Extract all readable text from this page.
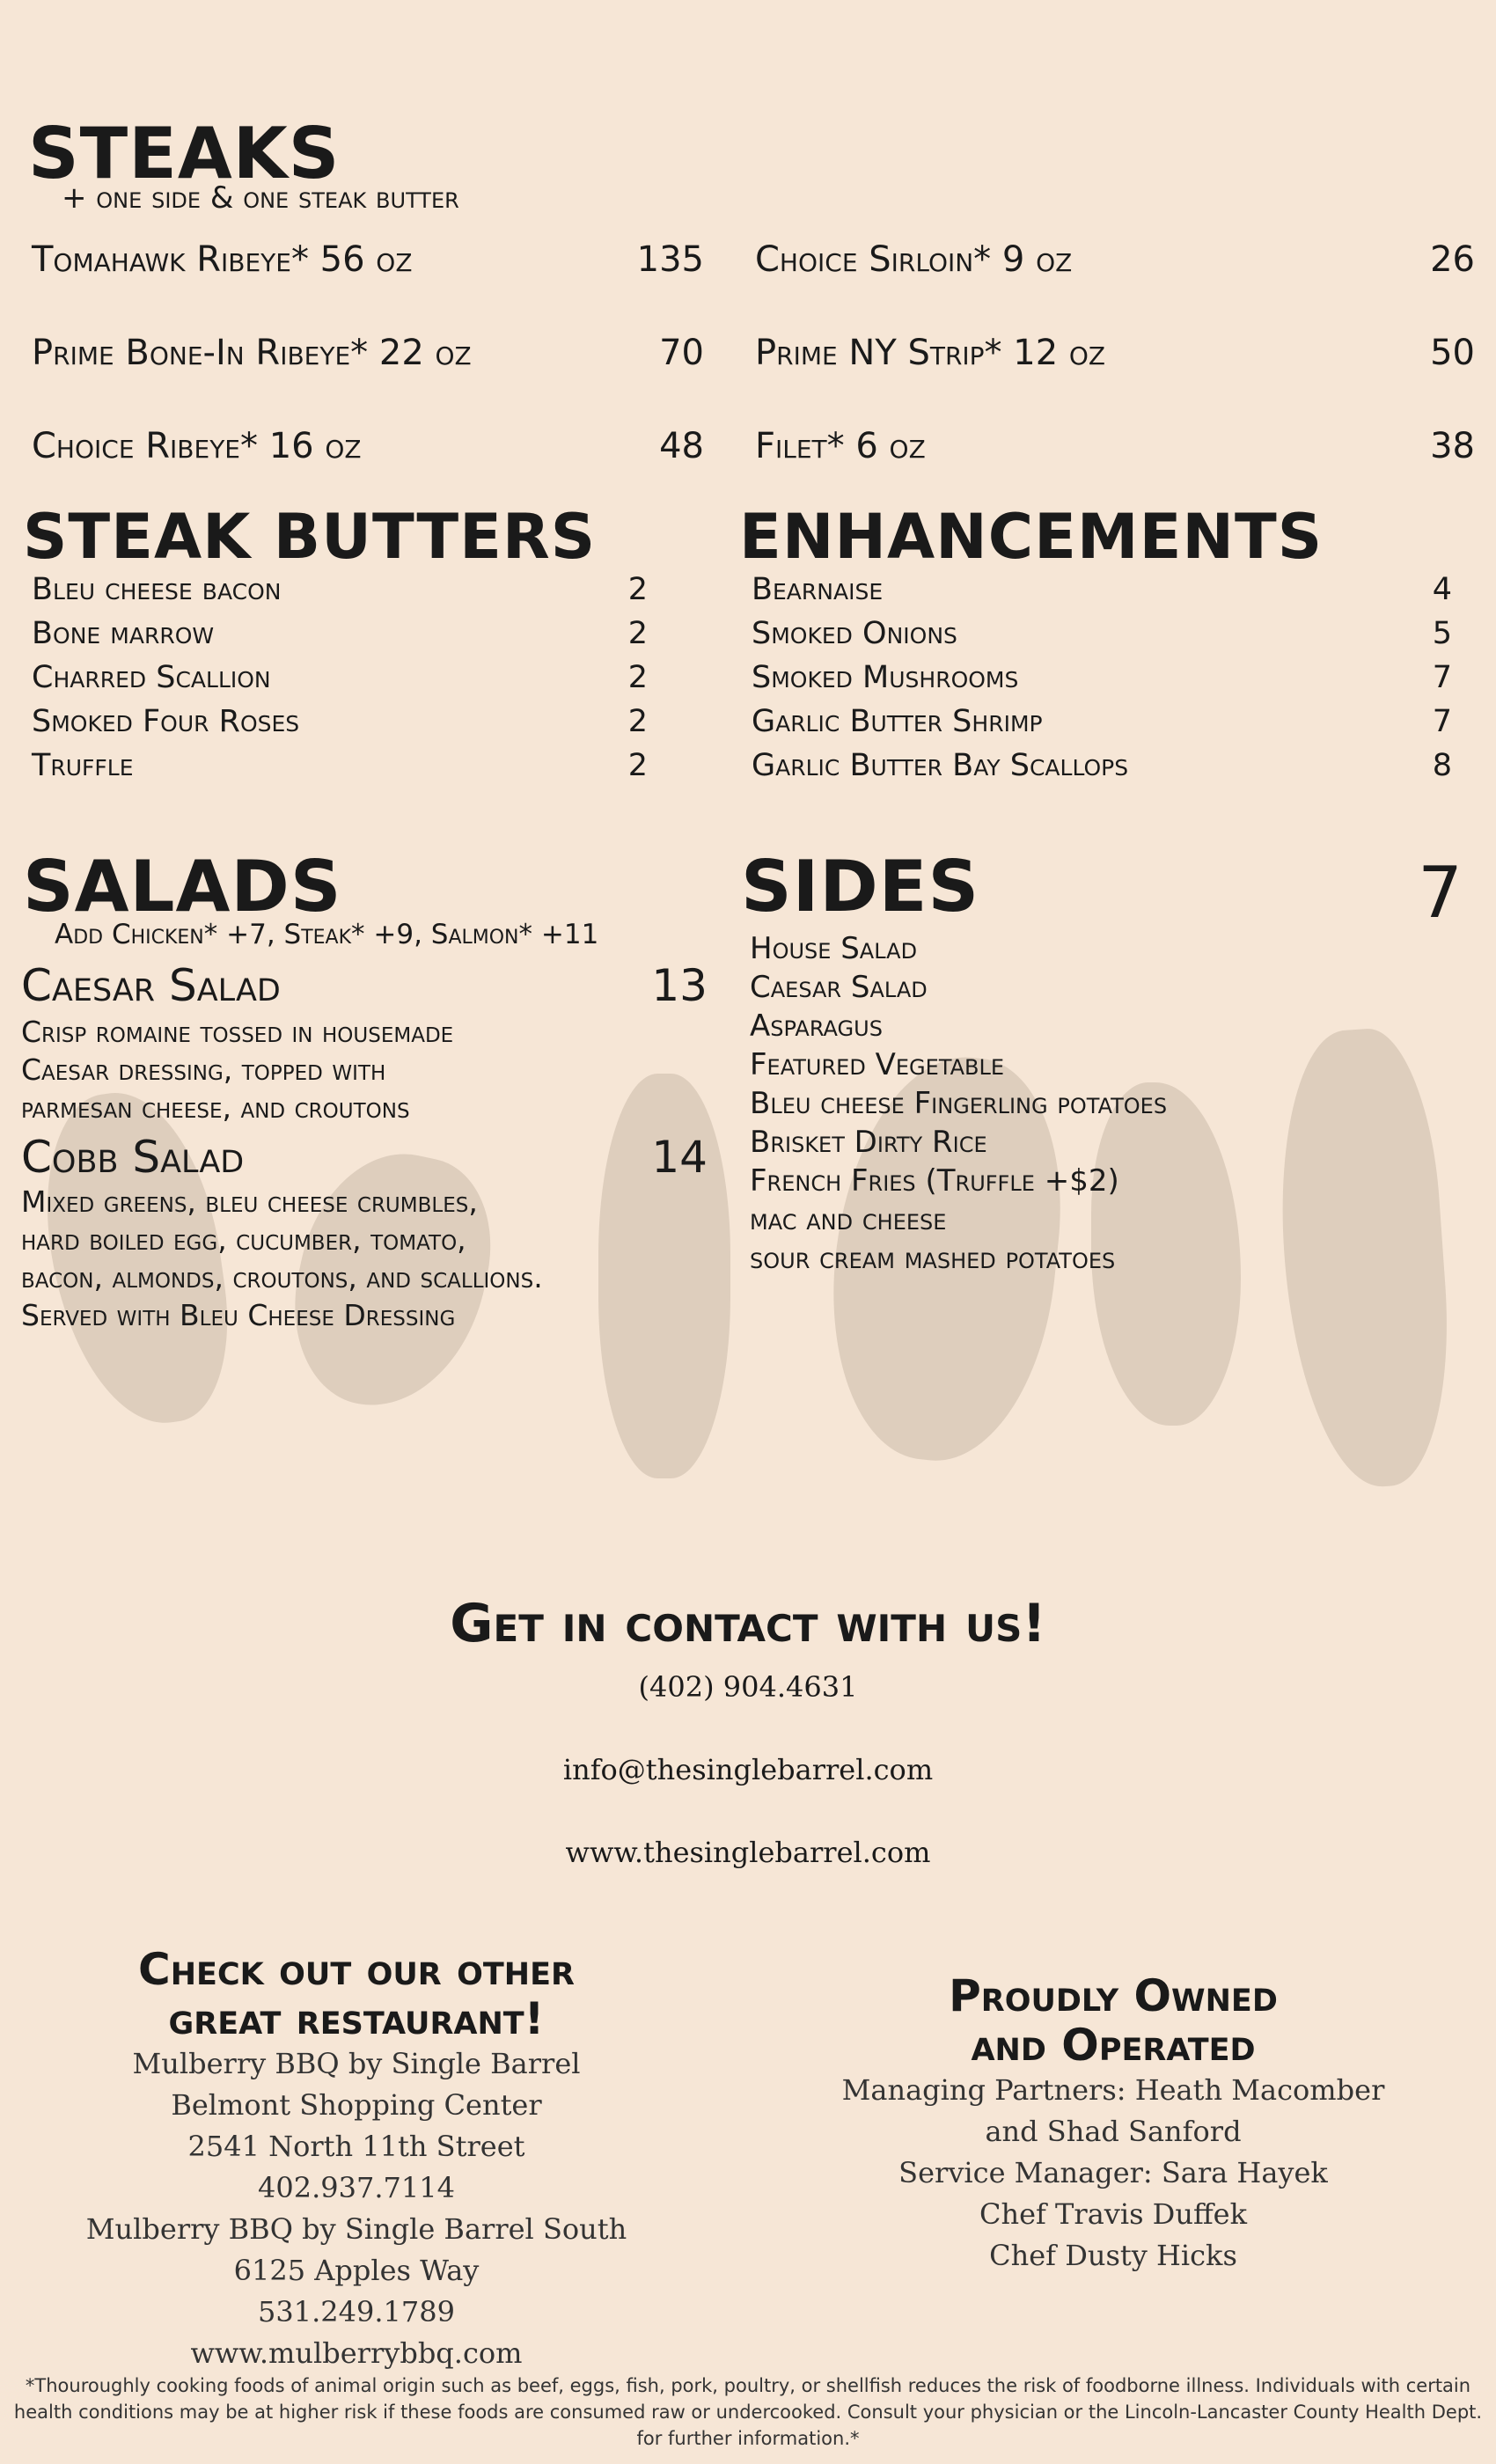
STEAKS
+ one side & one steak butter
Tomahawk Ribeye* 56 oz	135
Prime Bone-In Ribeye* 22 oz	70
Choice Ribeye* 16 oz	48
Choice Sirloin* 9 oz	26
Prime NY Strip* 12 oz	50
Filet* 6 oz	38
STEAK BUTTERS
Bleu cheese bacon	2
Bone marrow	2
Charred Scallion	2
Smoked Four Roses	2
Truffle	2
ENHANCEMENTS
Bearnaise	4
Smoked Onions	5
Smoked Mushrooms	7
Garlic Butter Shrimp	7
Garlic Butter Bay Scallops	8
SALADS
Add Chicken* +7, Steak* +9, Salmon* +11
Caesar Salad	13
Crisp romaine tossed in housemade
Caesar dressing, topped with
parmesan cheese, and croutons
Cobb Salad	14
Mixed greens, bleu cheese crumbles,
hard boiled egg, cucumber, tomato,
bacon, almonds, croutons, and scallions.
Served with Bleu Cheese Dressing
SIDES	7
House Salad
Caesar Salad
Asparagus
Featured Vegetable
Bleu cheese Fingerling potatoes
Brisket Dirty Rice
French Fries (Truffle +$2)
mac and cheese
sour cream mashed potatoes
Get in contact with us!
(402) 904.4631
info@thesinglebarrel.com
www.thesinglebarrel.com
Check out our other
great restaurant!
Mulberry BBQ by Single Barrel
Belmont Shopping Center
2541 North 11th Street
402.937.7114
Mulberry BBQ by Single Barrel South
6125 Apples Way
531.249.1789
www.mulberrybbq.com
Proudly Owned
and Operated
Managing Partners: Heath Macomber
and Shad Sanford
Service Manager: Sara Hayek
Chef Travis Duffek
Chef Dusty Hicks
*Thouroughly cooking foods of animal origin such as beef, eggs, fish, pork, poultry, or shellfish reduces the risk of foodborne illness. Individuals with certain
health conditions may be at higher risk if these foods are consumed raw or undercooked. Consult your physician or the Lincoln-Lancaster County Health Dept.
for further information.*
